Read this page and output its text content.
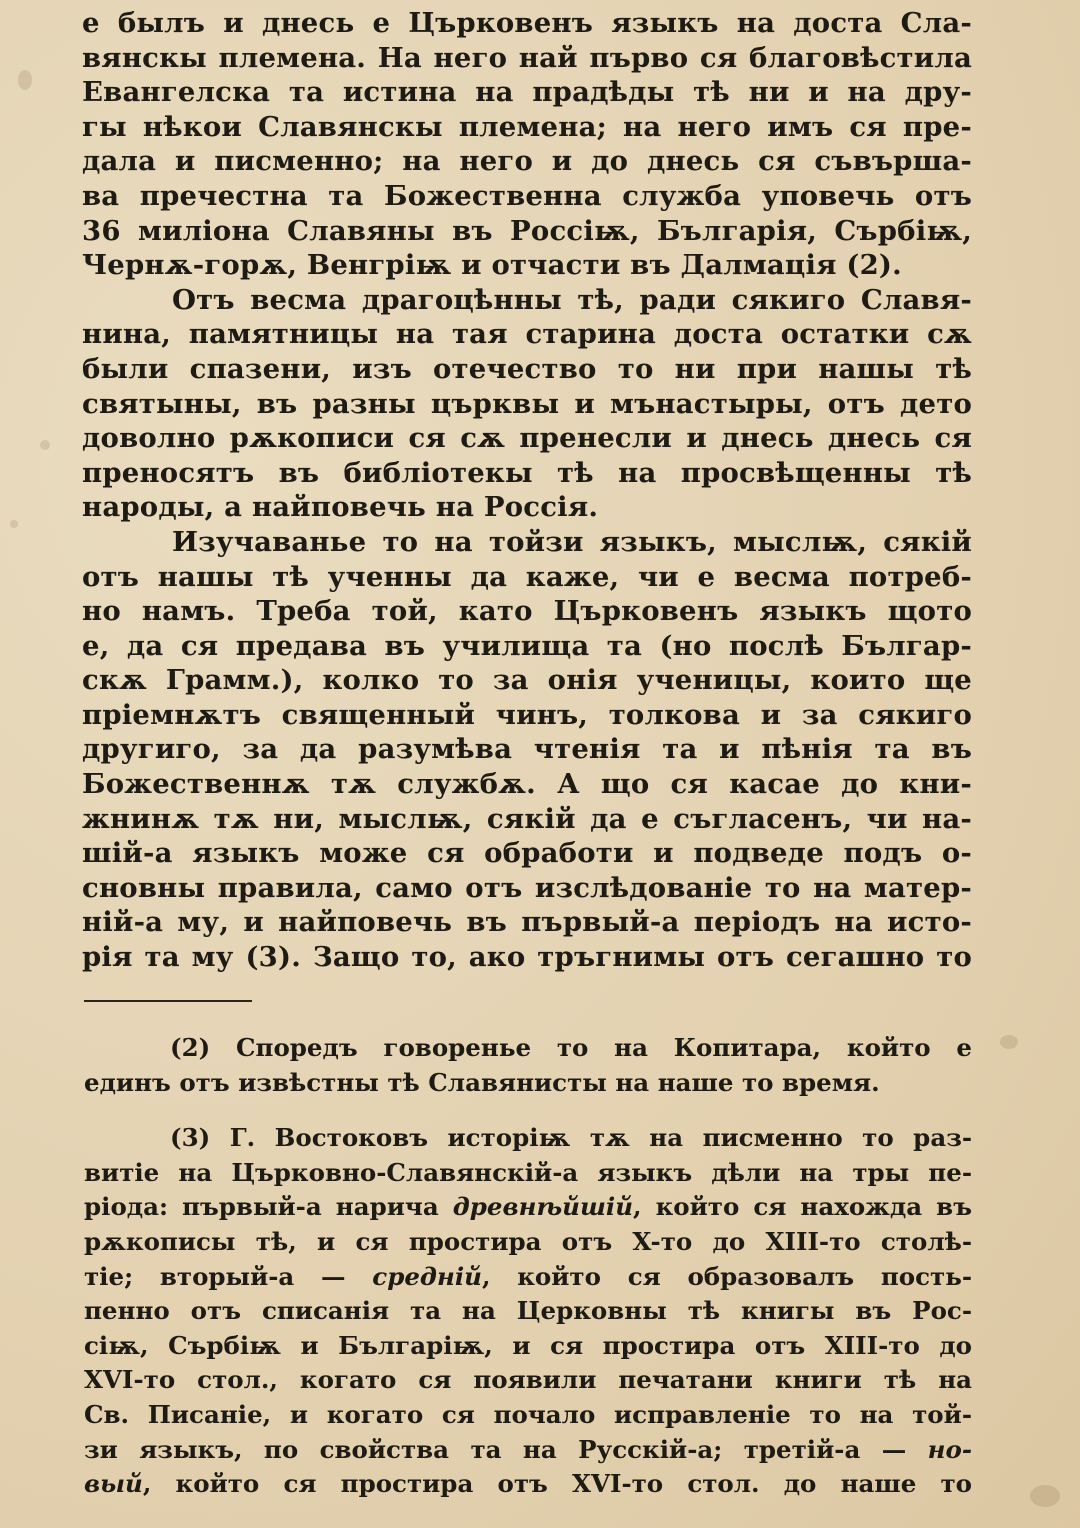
е былъ и днесь е Църковенъ языкъ на доста Сла-
вянскы племена. На него най първо ся благовѣстила
Евангелска та истина на прадѣды тѣ ни и на дру-
гы нѣкои Славянскы племена; на него имъ ся пре-
дала и писменно; на него и до днесь ся съвърша-
ва пречестна та Божественна служба уповечь отъ
36 миліона Славяны въ Россіѭ, Българія, Сърбіѭ,
Чернѫ-горѫ, Венгріѭ и отчасти въ Далмація (2).
Отъ весма драгоцѣнны тѣ, ради сякиго Славя-
нина, памятницы на тая старина доста остатки сѫ
были спазени, изъ отечество то ни при нашы тѣ
святыны, въ разны църквы и мънастыры, отъ дето
доволно рѫкописи ся сѫ пренесли и днесь днесь ся
преносятъ въ библіотекы тѣ на просвѣщенны тѣ
народы, а найповечь на Россія.
Изучаванье то на тойзи языкъ, мыслѭ, сякій
отъ нашы тѣ ученны да каже, чи е весма потреб-
но намъ. Треба той, като Църковенъ языкъ щото
е, да ся предава въ училища та (но послѣ Българ-
скѫ Грамм.), колко то за онія ученицы, които ще
пріемнѫтъ священный чинъ, толкова и за сякиго
другиго, за да разумѣва чтенія та и пѣнія та въ
Божественнѫ тѫ службѫ. А що ся касае до кни-
жнинѫ тѫ ни, мыслѭ, сякій да е съгласенъ, чи на-
шій-а языкъ може ся обработи и подведе подъ о-
сновны правила, само отъ изслѣдованіе то на матер-
ній-а му, и найповечь въ първый-а періодъ на исто-
рія та му (3). Защо то, ако тръгнимы отъ сегашно то
(2) Споредъ говоренье то на Копитара, който е
единъ отъ извѣстны тѣ Славянисты на наше то время.
(3) Г. Востоковъ исторіѭ тѫ на писменно то раз-
витіе на Църковно-Славянскій-а языкъ дѣли на тры пе-
ріода: първый-а нарича древнѣйшій, който ся нахожда въ
рѫкописы тѣ, и ся простира отъ X-то до XIII-то столѣ-
тіе; вторый-а — средній, който ся образовалъ пость-
пенно отъ списанія та на Церковны тѣ книгы въ Рос-
сіѭ, Сърбіѭ и Българіѭ, и ся простира отъ XIII-то до
XVI-то стол., когато ся появили печатани книги тѣ на
Св. Писаніе, и когато ся почало исправленіе то на той-
зи языкъ, по свойства та на Русскій-а; третій-а — но-
вый, който ся простира отъ XVI-то стол. до наше то
